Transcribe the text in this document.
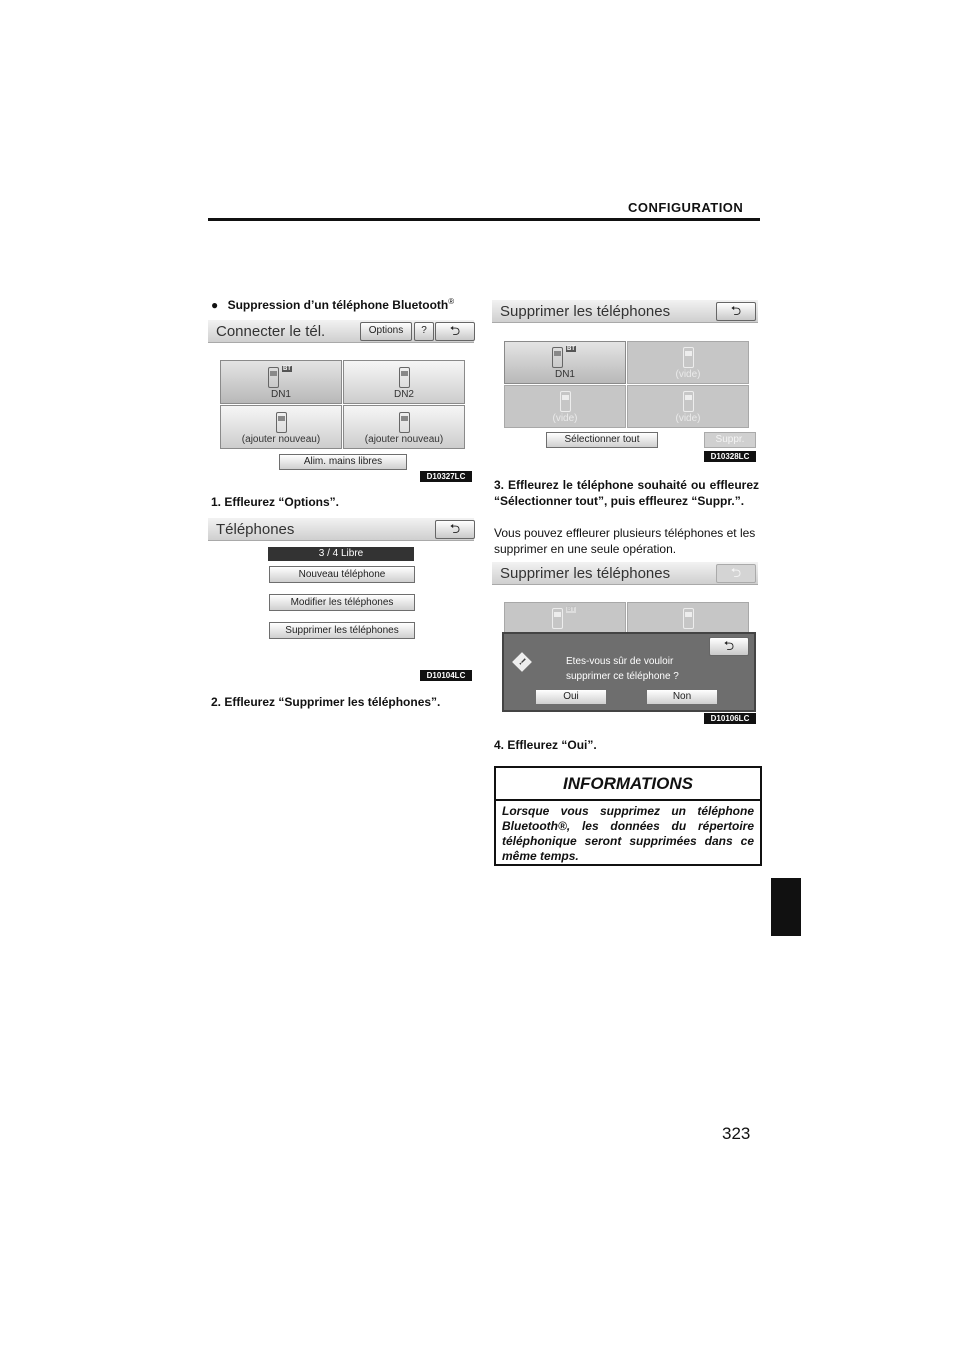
CONFIGURATION
● Suppression d’un téléphone Bluetooth®
Connecter le tél.	Options	?	⮌
BT
DN1	DN2
(ajouter nouveau)	(ajouter nouveau)
Alim. mains libres
D10327LC
1. Effleurez “Options”.
Téléphones	⮌
3 / 4 Libre
Nouveau téléphone
Modifier les téléphones
Supprimer les téléphones
D10104LC
2. Effleurez “Supprimer les téléphones”.
Supprimer les téléphones	⮌
BT
DN1	(vide)
(vide)	(vide)
Sélectionner tout	Suppr.
D10328LC
3. Effleurez le téléphone souhaité ou effleurez “Sélectionner tout”, puis effleurez “Suppr.”.
Vous pouvez effleurer plusieurs téléphones et les supprimer en une seule opération.
Supprimer les téléphones	⮌
BT
⮌
!	Etes-vous sûr de vouloir
supprimer ce téléphone ?
Oui	Non
D10106LC
4. Effleurez “Oui”.
INFORMATIONS
Lorsque vous supprimez un téléphone Bluetooth®, les données du répertoire téléphonique seront supprimées dans ce même temps.
323
